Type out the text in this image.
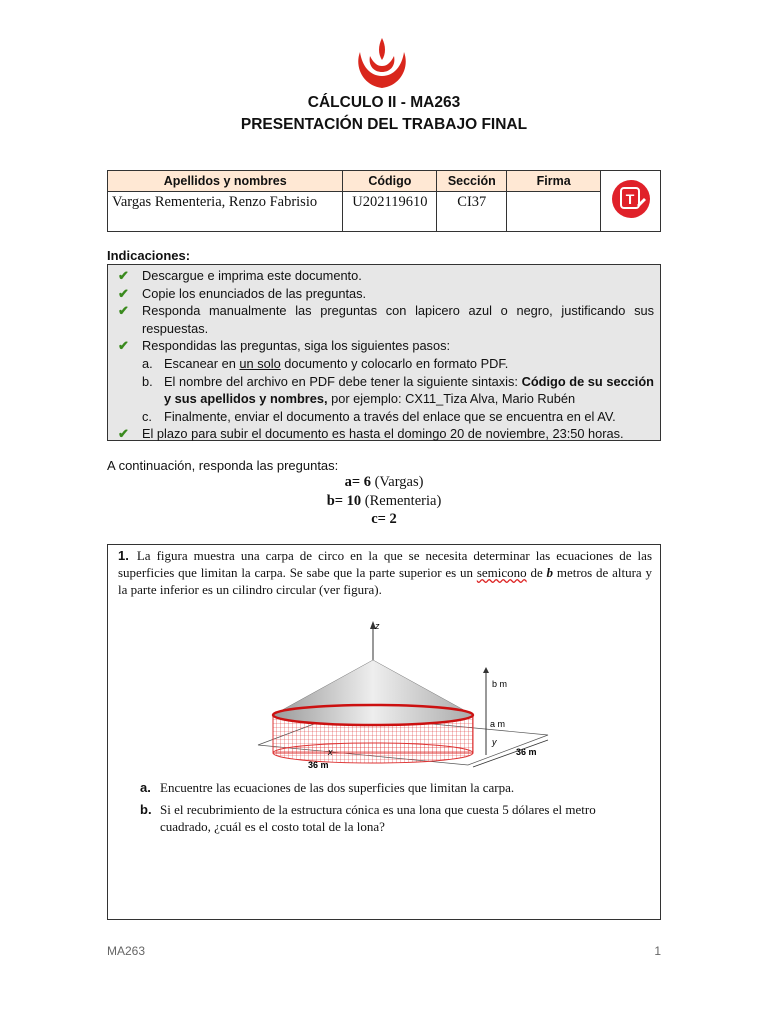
CÁLCULO II - MA263
PRESENTACIÓN DEL TRABAJO FINAL
Apellidos y nombres	Código	Sección	Firma	T

Vargas Rementeria, Renzo Fabrisio	U202119610	CI37		
Indicaciones:
✔	Descargue e imprima este documento.
✔	Copie los enunciados de las preguntas.
✔	Responda manualmente las preguntas con lapicero azul o negro, justificando sus respuestas.
✔	Respondidas las preguntas, siga los siguientes pasos:
a. Escanear en un solo documento y colocarlo en formato PDF.
b. El nombre del archivo en PDF debe tener la siguiente sintaxis: Código de su sección y sus apellidos y nombres, por ejemplo: CX11_Tiza Alva, Mario Rubén
c. Finalmente, enviar el documento a través del enlace que se encuentra en el AV.
✔	El plazo para subir el documento es hasta el domingo 20 de noviembre, 23:50 horas.
A continuación, responda las preguntas:
a= 6 (Vargas)
b= 10 (Rementeria)
c= 2
1. La figura muestra una carpa de circo en la que se necesita determinar las ecuaciones de las superficies que limitan la carpa. Se sabe que la parte superior es un semicono de b metros de altura y la parte inferior es un cilindro circular (ver figura).
z
b m
a m
y
x
36 m
36 m
a. Encuentre las ecuaciones de las dos superficies que limitan la carpa.
b. Si el recubrimiento de la estructura cónica es una lona que cuesta 5 dólares el metro cuadrado, ¿cuál es el costo total de la lona?
MA263	1
